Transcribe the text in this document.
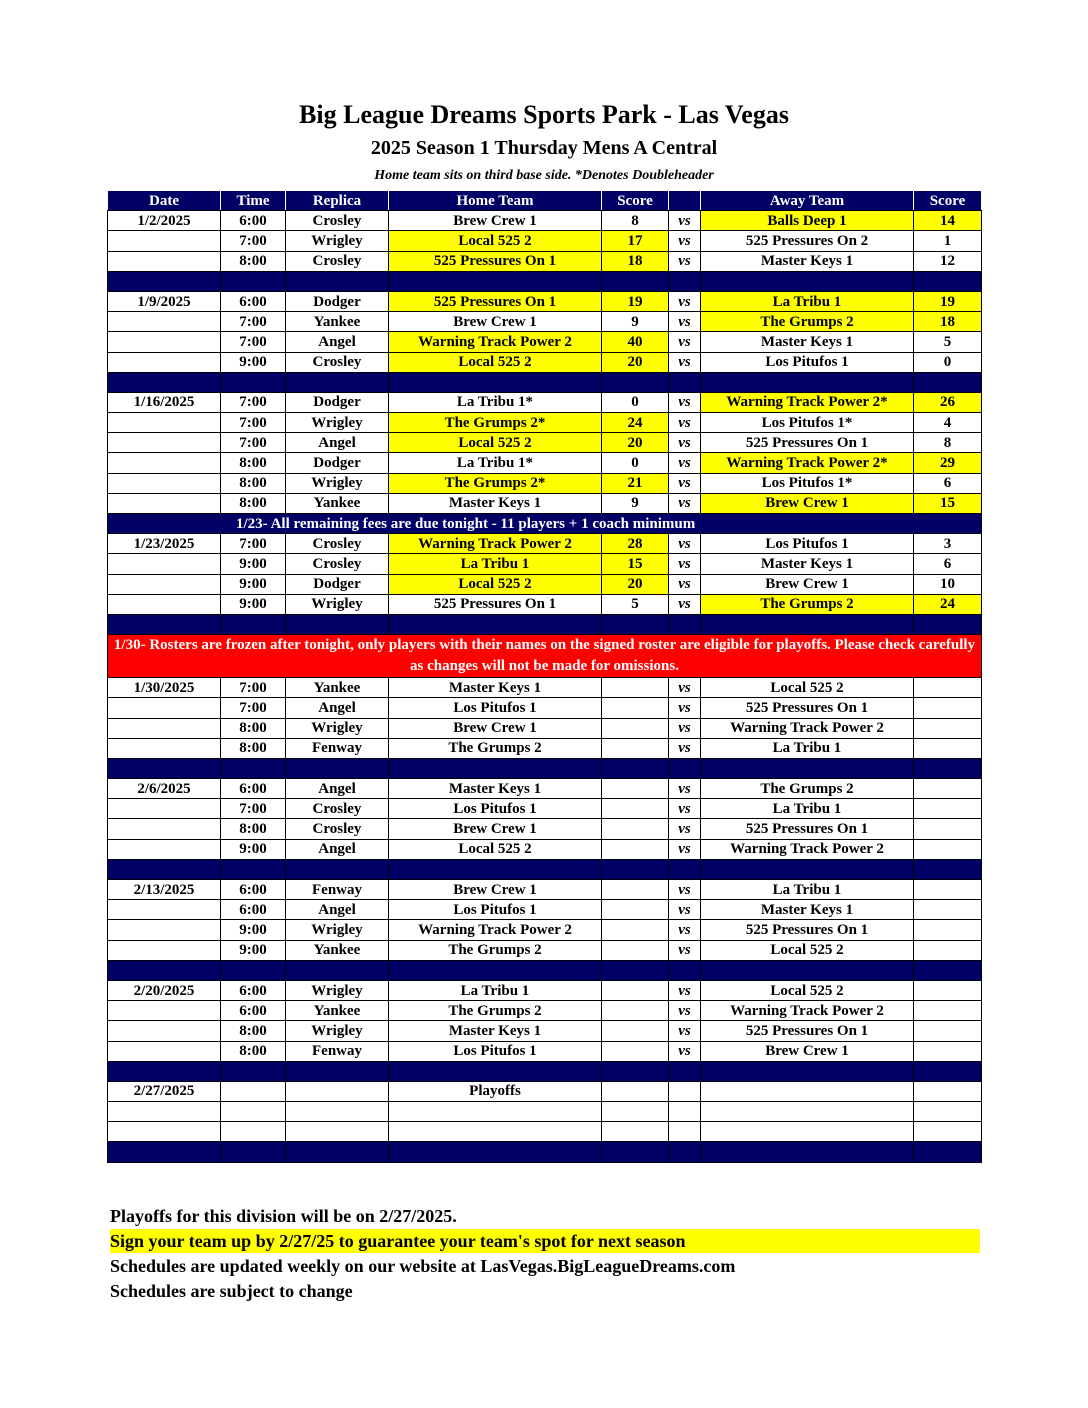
Big League Dreams Sports Park - Las Vegas
2025 Season 1 Thursday Mens A Central
Home team sits on third base side. *Denotes Doubleheader
Date	Time	Replica	Home Team	Score		Away Team	Score
1/2/2025	6:00	Crosley	Brew Crew 1	8	vs	Balls Deep 1	14
	7:00	Wrigley	Local 525 2	17	vs	525 Pressures On 2	1
	8:00	Crosley	525 Pressures On 1	18	vs	Master Keys 1	12

1/9/2025	6:00	Dodger	525 Pressures On 1	19	vs	La Tribu 1	19
	7:00	Yankee	Brew Crew 1	9	vs	The Grumps 2	18
	7:00	Angel	Warning Track Power 2	40	vs	Master Keys 1	5
	9:00	Crosley	Local 525 2	20	vs	Los Pitufos 1	0

1/16/2025	7:00	Dodger	La Tribu 1*	0	vs	Warning Track Power 2*	26
	7:00	Wrigley	The Grumps 2*	24	vs	Los Pitufos 1*	4
	7:00	Angel	Local 525 2	20	vs	525 Pressures On 1	8
	8:00	Dodger	La Tribu 1*	0	vs	Warning Track Power 2*	29
	8:00	Wrigley	The Grumps 2*	21	vs	Los Pitufos 1*	6
	8:00	Yankee	Master Keys 1	9	vs	Brew Crew 1	15
1/23- All remaining fees are due tonight - 11 players + 1 coach minimum							
1/23/2025	7:00	Crosley	Warning Track Power 2	28	vs	Los Pitufos 1	3
	9:00	Crosley	La Tribu 1	15	vs	Master Keys 1	6
	9:00	Dodger	Local 525 2	20	vs	Brew Crew 1	10
	9:00	Wrigley	525 Pressures On 1	5	vs	The Grumps 2	24

1/30- Rosters are frozen after tonight, only players with their names on the signed roster are eligible for playoffs. Please check carefully as changes will not be made for omissions.							
1/30/2025	7:00	Yankee	Master Keys 1		vs	Local 525 2	
	7:00	Angel	Los Pitufos 1		vs	525 Pressures On 1	
	8:00	Wrigley	Brew Crew 1		vs	Warning Track Power 2	
	8:00	Fenway	The Grumps 2		vs	La Tribu 1	

2/6/2025	6:00	Angel	Master Keys 1		vs	The Grumps 2	
	7:00	Crosley	Los Pitufos 1		vs	La Tribu 1	
	8:00	Crosley	Brew Crew 1		vs	525 Pressures On 1	
	9:00	Angel	Local 525 2		vs	Warning Track Power 2	

2/13/2025	6:00	Fenway	Brew Crew 1		vs	La Tribu 1	
	6:00	Angel	Los Pitufos 1		vs	Master Keys 1	
	9:00	Wrigley	Warning Track Power 2		vs	525 Pressures On 1	
	9:00	Yankee	The Grumps 2		vs	Local 525 2	

2/20/2025	6:00	Wrigley	La Tribu 1		vs	Local 525 2	
	6:00	Yankee	The Grumps 2		vs	Warning Track Power 2	
	8:00	Wrigley	Master Keys 1		vs	525 Pressures On 1	
	8:00	Fenway	Los Pitufos 1		vs	Brew Crew 1	

2/27/2025			Playoffs				

Playoffs for this division will be on 2/27/2025.
Sign your team up by 2/27/25 to guarantee your team's spot for next season
Schedules are updated weekly on our website at LasVegas.BigLeagueDreams.com
Schedules are subject to change
